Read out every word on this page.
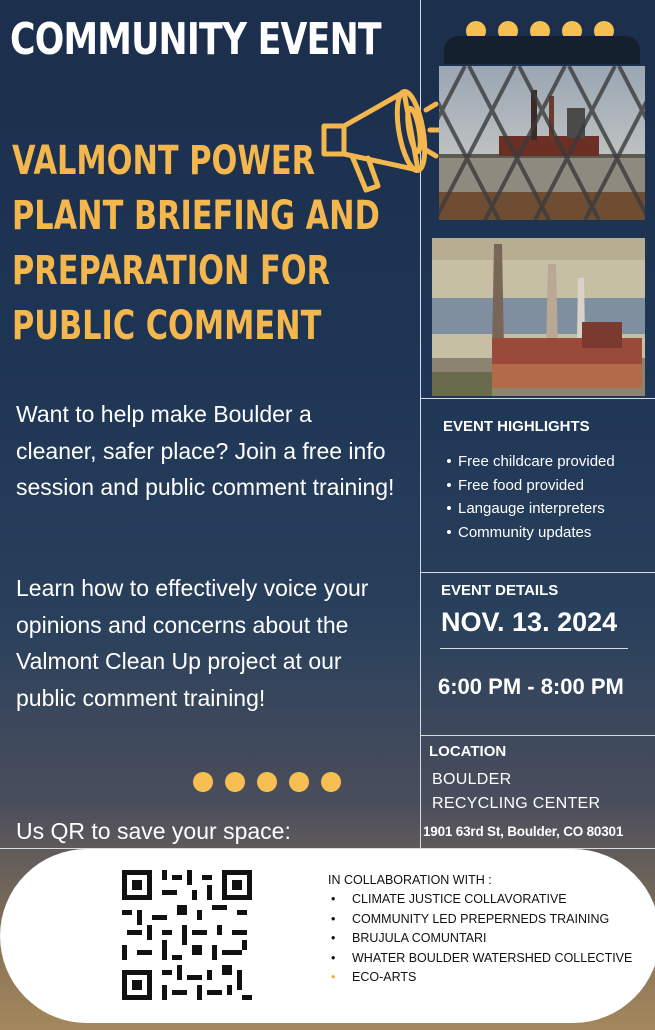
COMMUNITY EVENT
VALMONT POWER
PLANT BRIEFING AND
PREPARATION FOR
PUBLIC COMMENT
Want to help make Boulder a cleaner, safer place? Join a free info session and public comment training!
Learn how to effectively voice your opinions and concerns about the Valmont Clean Up project at our public comment training!
Us QR to save your space:
EVENT HIGHLIGHTS
• Free childcare provided
• Free food provided
• Langauge interpreters
• Community updates
EVENT DETAILS
NOV. 13. 2024
6:00 PM - 8:00 PM
LOCATION
BOULDER
RECYCLING CENTER
1901 63rd St, Boulder, CO 80301
IN COLLABORATION WITH :
• CLIMATE JUSTICE COLLAVORATIVE
• COMMUNITY LED PREPERNEDS TRAINING
• BRUJULA COMUNTARI
• WHATER BOULDER WATERSHED COLLECTIVE
• ECO-ARTS
